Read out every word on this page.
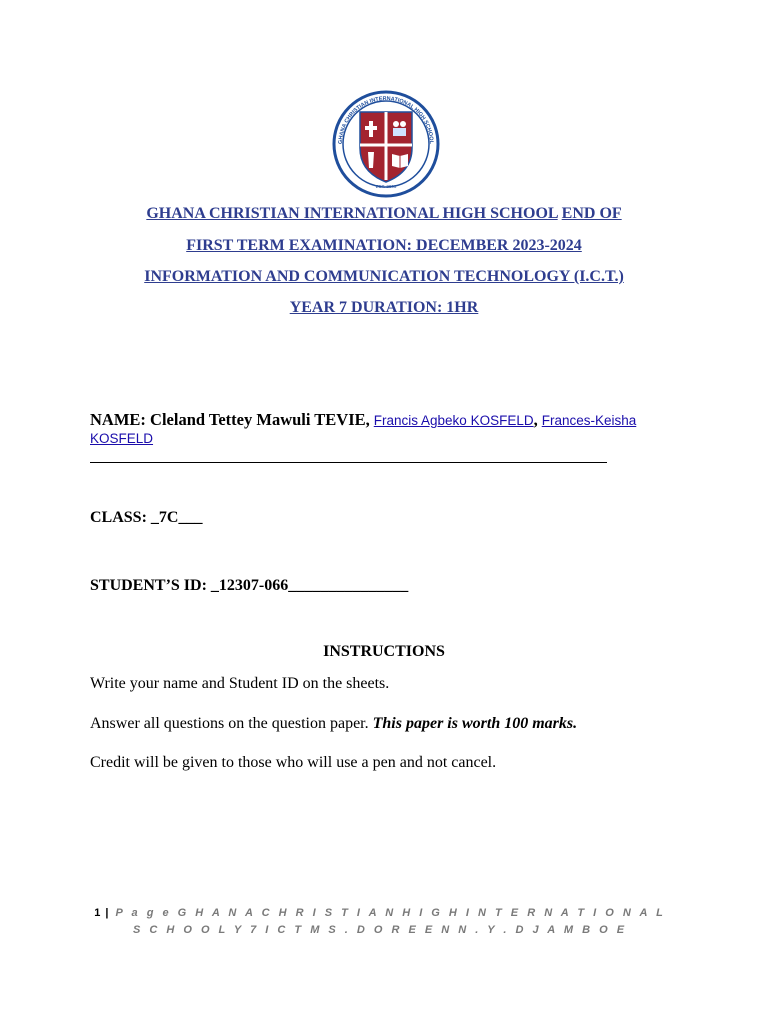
EST. 2003
GHANA CHRISTIAN INTERNATIONAL HIGH SCHOOL
GHANA CHRISTIAN INTERNATIONAL HIGH SCHOOL END OF
FIRST TERM EXAMINATION: DECEMBER 2023-2024
INFORMATION AND COMMUNICATION TECHNOLOGY (I.C.T.)
YEAR 7 DURATION: 1HR
NAME: Cleland Tettey Mawuli TEVIE, Francis Agbeko KOSFELD, Frances-Keisha KOSFELD
CLASS: _7C___
STUDENT’S ID: _12307-066_______________
INSTRUCTIONS
Write your name and Student ID on the sheets.
Answer all questions on the question paper. This paper is worth 100 marks.
Credit will be given to those who will use a pen and not cancel.
1 | P a g e G H A N A C H R I S T I A N H I G H I N T E R N A T I O N A L S C H O O L Y 7 I C T M S . D O R E E N N . Y . D J A M B O E
